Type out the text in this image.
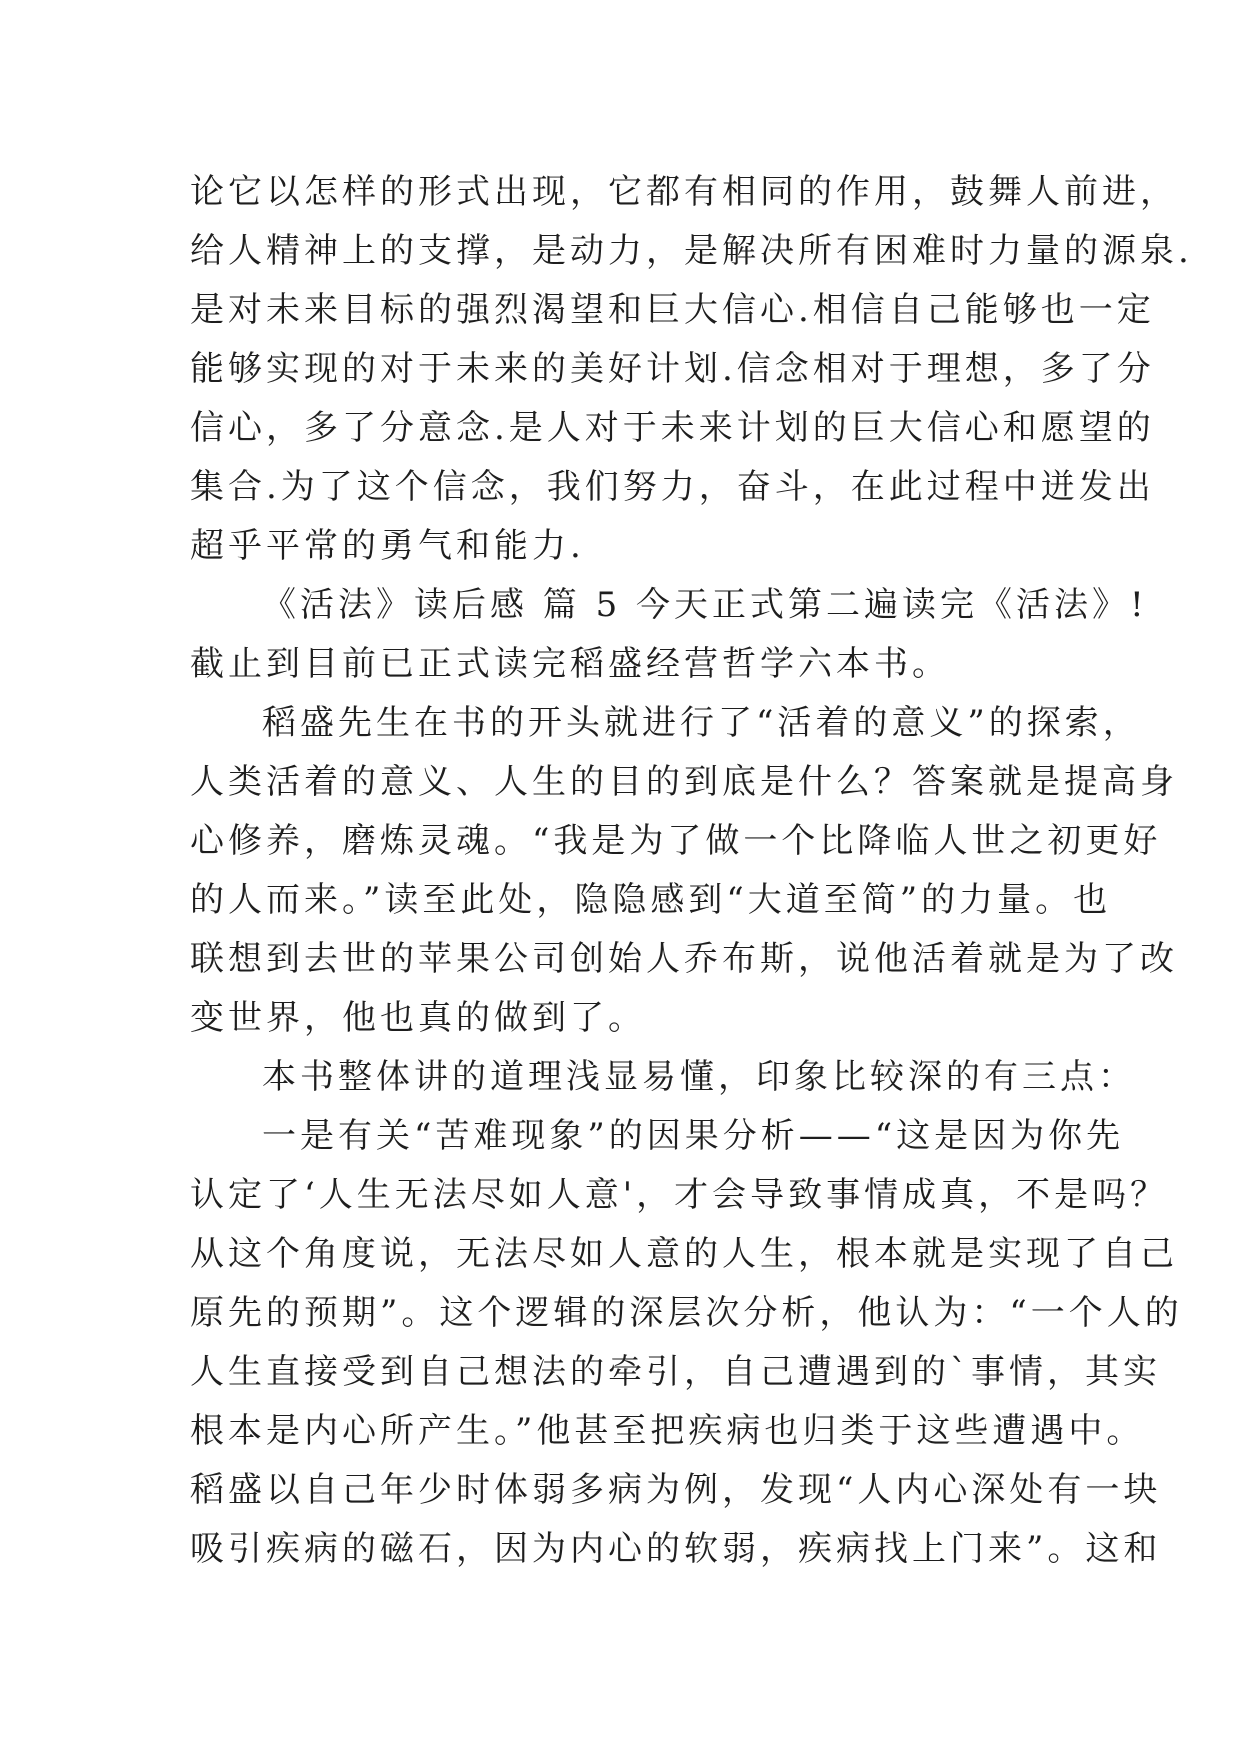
论它以怎样的形式出现，它都有相同的作用，鼓舞人前进，
给人精神上的支撑，是动力，是解决所有困难时力量的源泉.
是对未来目标的强烈渴望和巨大信心.相信自己能够也一定
能够实现的对于未来的美好计划.信念相对于理想，多了分
信心，多了分意念.是人对于未来计划的巨大信心和愿望的
集合.为了这个信念，我们努力，奋斗，在此过程中迸发出
超乎平常的勇气和能力.
《活法》读后感 篇 5 今天正式第二遍读完《活法》!
截止到目前已正式读完稻盛经营哲学六本书。
稻盛先生在书的开头就进行了“活着的意义”的探索，
人类活着的意义、人生的目的到底是什么？答案就是提高身
心修养，磨炼灵魂。“我是为了做一个比降临人世之初更好
的人而来。”读至此处，隐隐感到“大道至简”的力量。也
联想到去世的苹果公司创始人乔布斯，说他活着就是为了改
变世界，他也真的做到了。
本书整体讲的道理浅显易懂，印象比较深的有三点：
一是有关“苦难现象”的因果分析——“这是因为你先
认定了‘人生无法尽如人意'，才会导致事情成真，不是吗？
从这个角度说，无法尽如人意的人生，根本就是实现了自己
原先的预期”。这个逻辑的深层次分析，他认为：“一个人的
人生直接受到自己想法的牵引，自己遭遇到的`事情，其实
根本是内心所产生。”他甚至把疾病也归类于这些遭遇中。
稻盛以自己年少时体弱多病为例，发现“人内心深处有一块
吸引疾病的磁石，因为内心的软弱，疾病找上门来”。这和
